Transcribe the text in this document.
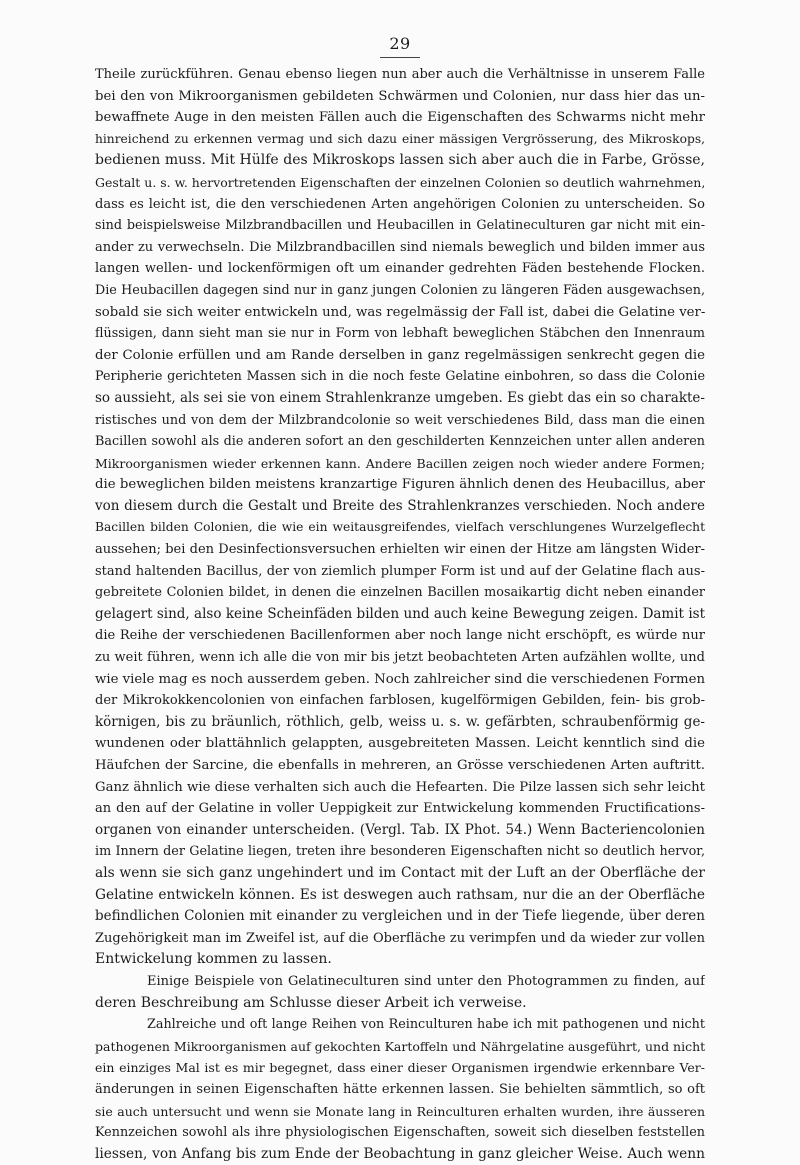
29
Theile zurückführen. Genau ebenso liegen nun aber auch die Verhältnisse in unserem Falle
bei den von Mikroorganismen gebildeten Schwärmen und Colonien, nur dass hier das un-
bewaffnete Auge in den meisten Fällen auch die Eigenschaften des Schwarms nicht mehr
hinreichend zu erkennen vermag und sich dazu einer mässigen Vergrösserung, des Mikroskops,
bedienen muss. Mit Hülfe des Mikroskops lassen sich aber auch die in Farbe, Grösse,
Gestalt u. s. w. hervortretenden Eigenschaften der einzelnen Colonien so deutlich wahrnehmen,
dass es leicht ist, die den verschiedenen Arten angehörigen Colonien zu unterscheiden. So
sind beispielsweise Milzbrandbacillen und Heubacillen in Gelatineculturen gar nicht mit ein-
ander zu verwechseln. Die Milzbrandbacillen sind niemals beweglich und bilden immer aus
langen wellen- und lockenförmigen oft um einander gedrehten Fäden bestehende Flocken.
Die Heubacillen dagegen sind nur in ganz jungen Colonien zu längeren Fäden ausgewachsen,
sobald sie sich weiter entwickeln und, was regelmässig der Fall ist, dabei die Gelatine ver-
flüssigen, dann sieht man sie nur in Form von lebhaft beweglichen Stäbchen den Innenraum
der Colonie erfüllen und am Rande derselben in ganz regelmässigen senkrecht gegen die
Peripherie gerichteten Massen sich in die noch feste Gelatine einbohren, so dass die Colonie
so aussieht, als sei sie von einem Strahlenkranze umgeben. Es giebt das ein so charakte-
ristisches und von dem der Milzbrandcolonie so weit verschiedenes Bild, dass man die einen
Bacillen sowohl als die anderen sofort an den geschilderten Kennzeichen unter allen anderen
Mikroorganismen wieder erkennen kann. Andere Bacillen zeigen noch wieder andere Formen;
die beweglichen bilden meistens kranzartige Figuren ähnlich denen des Heubacillus, aber
von diesem durch die Gestalt und Breite des Strahlenkranzes verschieden. Noch andere
Bacillen bilden Colonien, die wie ein weitausgreifendes, vielfach verschlungenes Wurzelgeflecht
aussehen; bei den Desinfectionsversuchen erhielten wir einen der Hitze am längsten Wider-
stand haltenden Bacillus, der von ziemlich plumper Form ist und auf der Gelatine flach aus-
gebreitete Colonien bildet, in denen die einzelnen Bacillen mosaikartig dicht neben einander
gelagert sind, also keine Scheinfäden bilden und auch keine Bewegung zeigen. Damit ist
die Reihe der verschiedenen Bacillenformen aber noch lange nicht erschöpft, es würde nur
zu weit führen, wenn ich alle die von mir bis jetzt beobachteten Arten aufzählen wollte, und
wie viele mag es noch ausserdem geben. Noch zahlreicher sind die verschiedenen Formen
der Mikrokokkencolonien von einfachen farblosen, kugelförmigen Gebilden, fein- bis grob-
körnigen, bis zu bräunlich, röthlich, gelb, weiss u. s. w. gefärbten, schraubenförmig ge-
wundenen oder blattähnlich gelappten, ausgebreiteten Massen. Leicht kenntlich sind die
Häufchen der Sarcine, die ebenfalls in mehreren, an Grösse verschiedenen Arten auftritt.
Ganz ähnlich wie diese verhalten sich auch die Hefearten. Die Pilze lassen sich sehr leicht
an den auf der Gelatine in voller Ueppigkeit zur Entwickelung kommenden Fructifications-
organen von einander unterscheiden. (Vergl. Tab. IX Phot. 54.) Wenn Bacteriencolonien
im Innern der Gelatine liegen, treten ihre besonderen Eigenschaften nicht so deutlich hervor,
als wenn sie sich ganz ungehindert und im Contact mit der Luft an der Oberfläche der
Gelatine entwickeln können. Es ist deswegen auch rathsam, nur die an der Oberfläche
befindlichen Colonien mit einander zu vergleichen und in der Tiefe liegende, über deren
Zugehörigkeit man im Zweifel ist, auf die Oberfläche zu verimpfen und da wieder zur vollen
Entwickelung kommen zu lassen.
Einige Beispiele von Gelatineculturen sind unter den Photogrammen zu finden, auf
deren Beschreibung am Schlusse dieser Arbeit ich verweise.
Zahlreiche und oft lange Reihen von Reinculturen habe ich mit pathogenen und nicht
pathogenen Mikroorganismen auf gekochten Kartoffeln und Nährgelatine ausgeführt, und nicht
ein einziges Mal ist es mir begegnet, dass einer dieser Organismen irgendwie erkennbare Ver-
änderungen in seinen Eigenschaften hätte erkennen lassen. Sie behielten sämmtlich, so oft
sie auch untersucht und wenn sie Monate lang in Reinculturen erhalten wurden, ihre äusseren
Kennzeichen sowohl als ihre physiologischen Eigenschaften, soweit sich dieselben feststellen
liessen, von Anfang bis zum Ende der Beobachtung in ganz gleicher Weise. Auch wenn
